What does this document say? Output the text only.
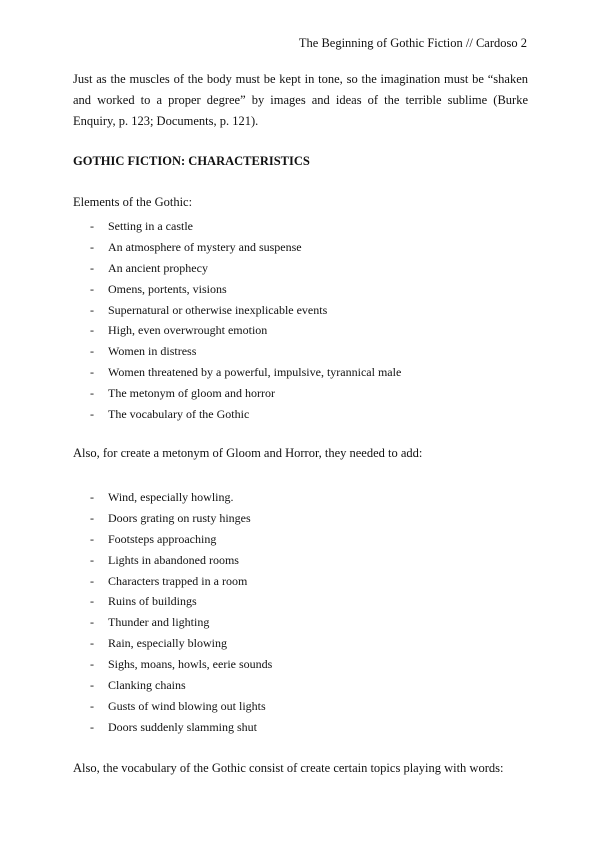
The Beginning of Gothic Fiction // Cardoso 2
Just as the muscles of the body must be kept in tone, so the imagination must be “shaken and worked to a proper degree” by images and ideas of the terrible sublime (Burke Enquiry, p. 123; Documents, p. 121).
GOTHIC FICTION: CHARACTERISTICS
Elements of the Gothic:
- Setting in a castle
- An atmosphere of mystery and suspense
- An ancient prophecy
- Omens, portents, visions
- Supernatural or otherwise inexplicable events
- High, even overwrought emotion
- Women in distress
- Women threatened by a powerful, impulsive, tyrannical male
- The metonym of gloom and horror
- The vocabulary of the Gothic
Also, for create a metonym of Gloom and Horror, they needed to add:
- Wind, especially howling.
- Doors grating on rusty hinges
- Footsteps approaching
- Lights in abandoned rooms
- Characters trapped in a room
- Ruins of buildings
- Thunder and lighting
- Rain, especially blowing
- Sighs, moans, howls, eerie sounds
- Clanking chains
- Gusts of wind blowing out lights
- Doors suddenly slamming shut
Also, the vocabulary of the Gothic consist of create certain topics playing with words:
